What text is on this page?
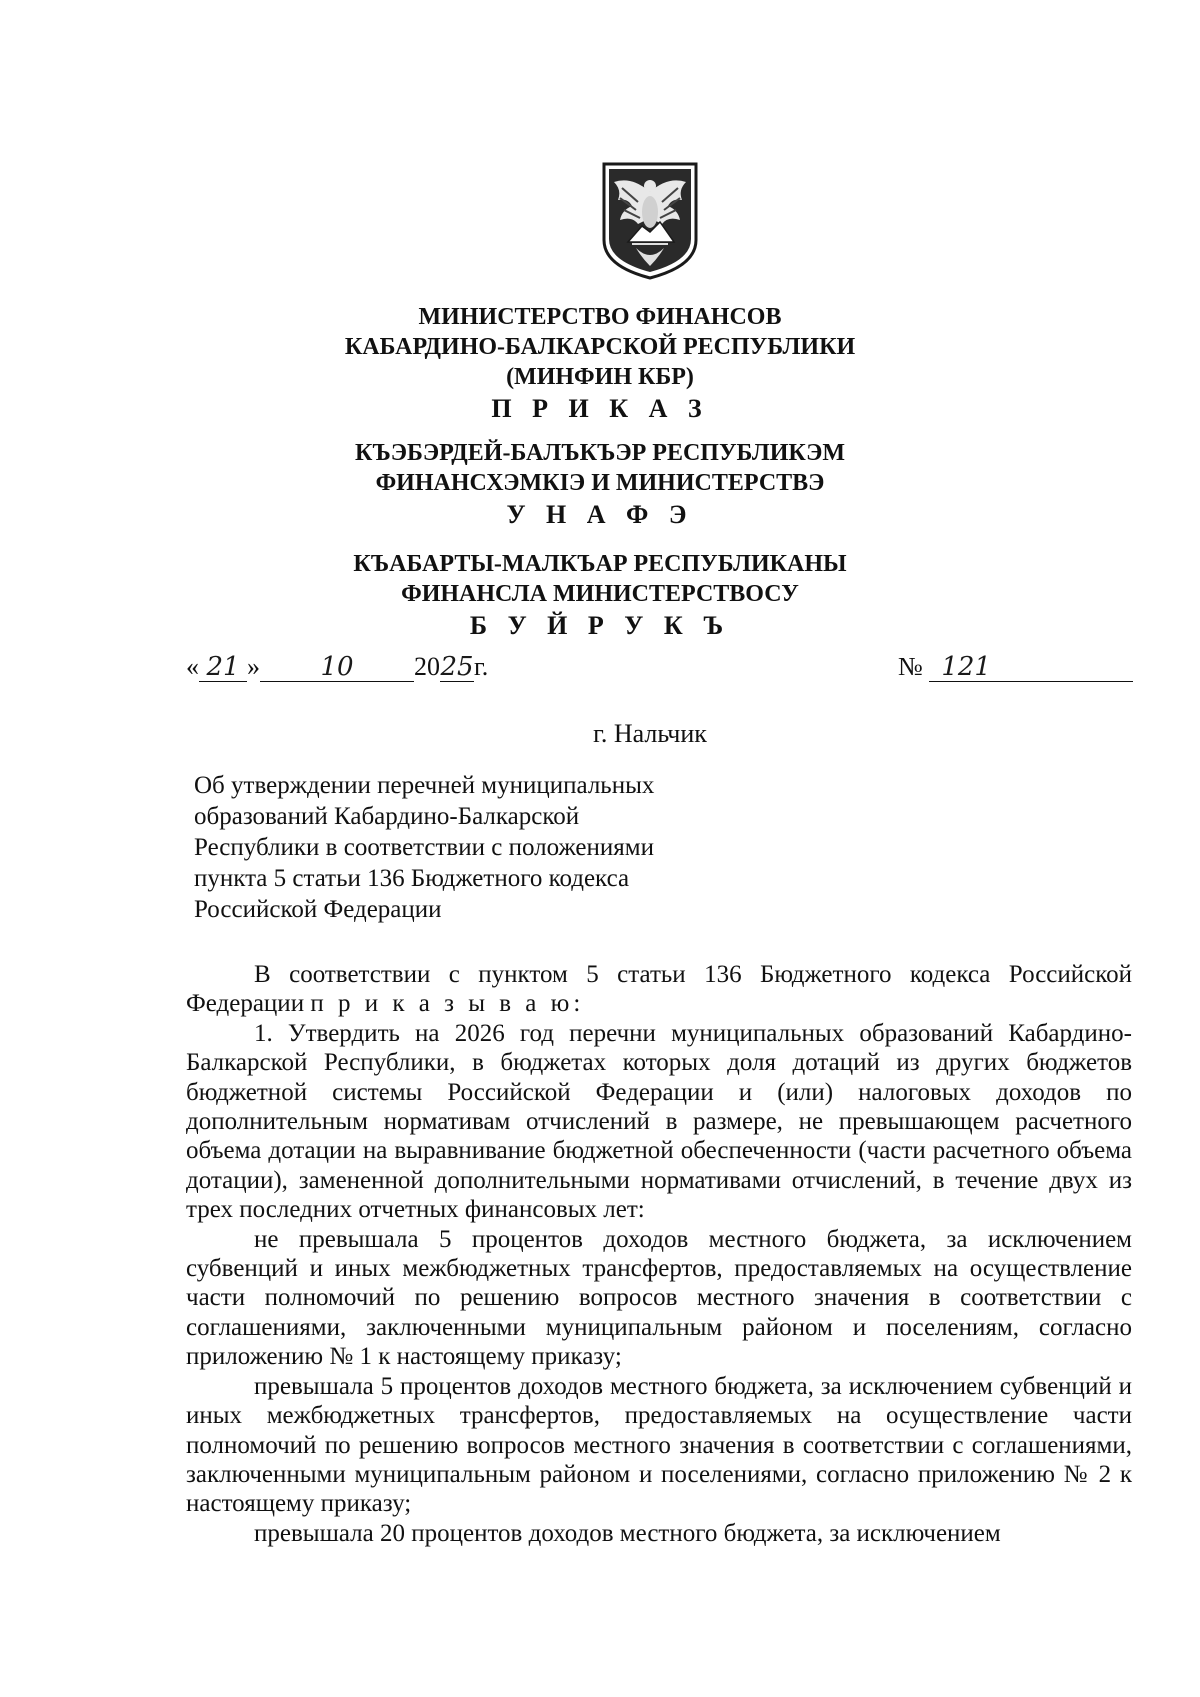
МИНИСТЕРСТВО ФИНАНСОВ
КАБАРДИНО-БАЛКАРСКОЙ РЕСПУБЛИКИ
(МИНФИН КБР)
П Р И К А З
КЪЭБЭРДЕЙ-БАЛЪКЪЭР РЕСПУБЛИКЭМ
ФИНАНСХЭМКIЭ И МИНИСТЕРСТВЭ
У Н А Ф Э
КЪАБАРТЫ-МАЛКЪАР РЕСПУБЛИКАНЫ
ФИНАНСЛА МИНИСТЕРСТВОСУ
Б У Й Р У К Ъ
« 21 » 10 2025г.	№ 121
г. Нальчик
Об утверждении перечней муниципальных
образований Кабардино-Балкарской
Республики в соответствии с положениями
пункта 5 статьи 136 Бюджетного кодекса
Российской Федерации

В соответствии с пунктом 5 статьи 136 Бюджетного кодекса Российской Федерации п р и к а з ы в а ю:

1. Утвердить на 2026 год перечни муниципальных образований Кабардино-Балкарской Республики, в бюджетах которых доля дотаций из других бюджетов бюджетной системы Российской Федерации и (или) налоговых доходов по дополнительным нормативам отчислений в размере, не превышающем расчетного объема дотации на выравнивание бюджетной обеспеченности (части расчетного объема дотации), замененной дополнительными нормативами отчислений, в течение двух из трех последних отчетных финансовых лет:

не превышала 5 процентов доходов местного бюджета, за исключением субвенций и иных межбюджетных трансфертов, предоставляемых на осуществление части полномочий по решению вопросов местного значения в соответствии с соглашениями, заключенными муниципальным районом и поселениям, согласно приложению № 1 к настоящему приказу;

превышала 5 процентов доходов местного бюджета, за исключением субвенций и иных межбюджетных трансфертов, предоставляемых на осуществление части полномочий по решению вопросов местного значения в соответствии с соглашениями, заключенными муниципальным районом и поселениями, согласно приложению № 2 к настоящему приказу;

превышала 20 процентов доходов местного бюджета, за исключением
